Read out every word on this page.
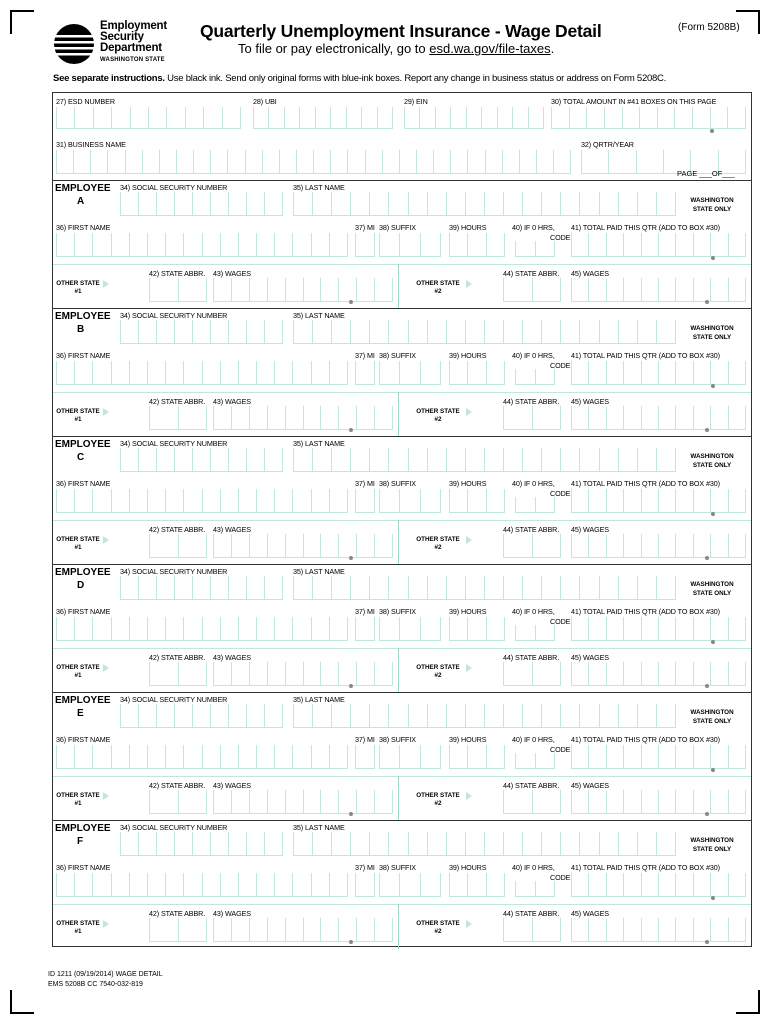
Employment
Security
Department
WASHINGTON STATE
Quarterly Unemployment Insurance - Wage Detail
To file or pay electronically, go to esd.wa.gov/file-taxes.
(Form 5208B)
See separate instructions. Use black ink. Send only original forms with blue-ink boxes. Report any change in business status or address on Form 5208C.
27) ESD NUMBER	28) UBI	29) EIN	30) TOTAL AMOUNT IN #41 BOXES ON THIS PAGE
31) BUSINESS NAME	32) QRTR/YEAR
PAGE ___OF___
EMPLOYEE
A
34) SOCIAL SECURITY NUMBER	35) LAST NAME
WASHINGTON
STATE ONLY
36) FIRST NAME	37) MI 38) SUFFIX	39) HOURS	40) IF 0 HRS,
CODE
41) TOTAL PAID THIS QTR (ADD TO BOX #30)
42) STATE ABBR. 43) WAGES
OTHER STATE
#1
44) STATE ABBR. 45) WAGES
OTHER STATE
#2
EMPLOYEE
B
34) SOCIAL SECURITY NUMBER	35) LAST NAME
WASHINGTON
STATE ONLY
36) FIRST NAME	37) MI 38) SUFFIX	39) HOURS	40) IF 0 HRS,
CODE
41) TOTAL PAID THIS QTR (ADD TO BOX #30)
42) STATE ABBR. 43) WAGES
OTHER STATE
#1
44) STATE ABBR. 45) WAGES
OTHER STATE
#2
EMPLOYEE
C
34) SOCIAL SECURITY NUMBER	35) LAST NAME
WASHINGTON
STATE ONLY
36) FIRST NAME	37) MI 38) SUFFIX	39) HOURS	40) IF 0 HRS,
CODE
41) TOTAL PAID THIS QTR (ADD TO BOX #30)
42) STATE ABBR. 43) WAGES
OTHER STATE
#1
44) STATE ABBR. 45) WAGES
OTHER STATE
#2
EMPLOYEE
D
34) SOCIAL SECURITY NUMBER	35) LAST NAME
WASHINGTON
STATE ONLY
36) FIRST NAME	37) MI 38) SUFFIX	39) HOURS	40) IF 0 HRS,
CODE
41) TOTAL PAID THIS QTR (ADD TO BOX #30)
42) STATE ABBR. 43) WAGES
OTHER STATE
#1
44) STATE ABBR. 45) WAGES
OTHER STATE
#2
EMPLOYEE
E
34) SOCIAL SECURITY NUMBER	35) LAST NAME
WASHINGTON
STATE ONLY
36) FIRST NAME	37) MI 38) SUFFIX	39) HOURS	40) IF 0 HRS,
CODE
41) TOTAL PAID THIS QTR (ADD TO BOX #30)
42) STATE ABBR. 43) WAGES
OTHER STATE
#1
44) STATE ABBR. 45) WAGES
OTHER STATE
#2
EMPLOYEE
F
34) SOCIAL SECURITY NUMBER	35) LAST NAME
WASHINGTON
STATE ONLY
36) FIRST NAME	37) MI 38) SUFFIX	39) HOURS	40) IF 0 HRS,
CODE
41) TOTAL PAID THIS QTR (ADD TO BOX #30)
42) STATE ABBR. 43) WAGES
OTHER STATE
#1
44) STATE ABBR. 45) WAGES
OTHER STATE
#2
ID 1211 (09/19/2014) WAGE DETAIL
EMS 5208B CC 7540-032-819
